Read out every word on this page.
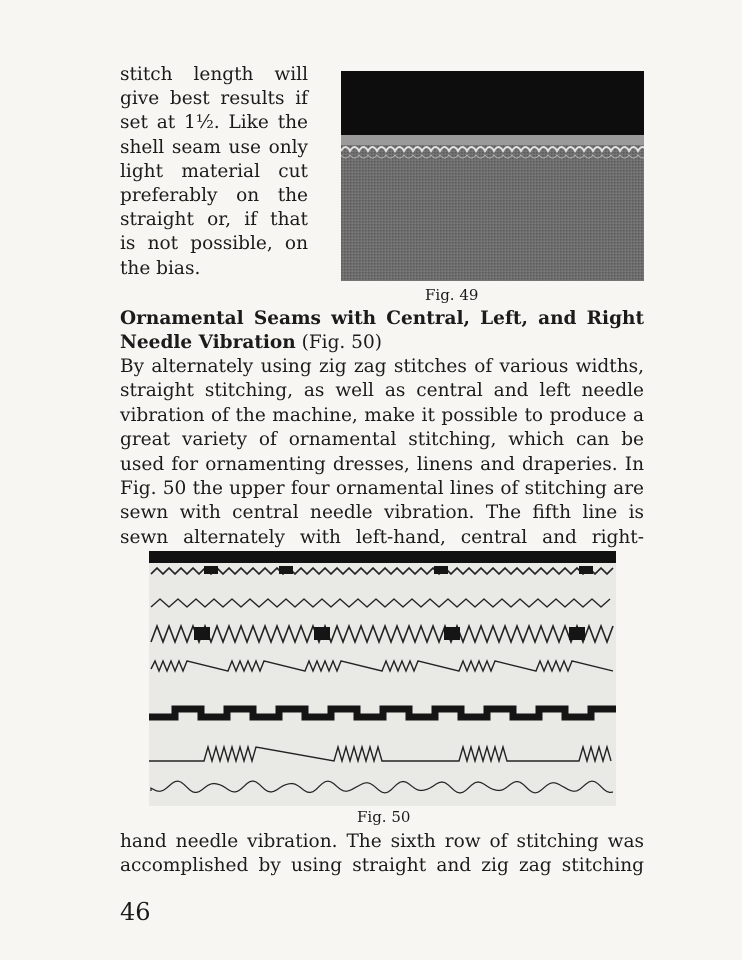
stitch length will
give best results if
set at 1½. Like the
shell seam use only
light material cut
preferably on the
straight or, if that
is not possible, on
the bias.
Fig. 49
Ornamental Seams with Central, Left, and Right Needle Vibration (Fig. 50)
By alternately using zig zag stitches of various widths, straight stitching, as well as central and left needle vibration of the machine, make it possible to produce a great variety of ornamental stitching, which can be used for ornamenting dresses, linens and draperies. In Fig. 50 the upper four ornamental lines of stitching are sewn with central needle vibration. The fifth line is sewn alternately with left-hand, central and right-
Fig. 50
hand needle vibration. The sixth row of stitching was accomplished by using straight and zig zag stitching
46
